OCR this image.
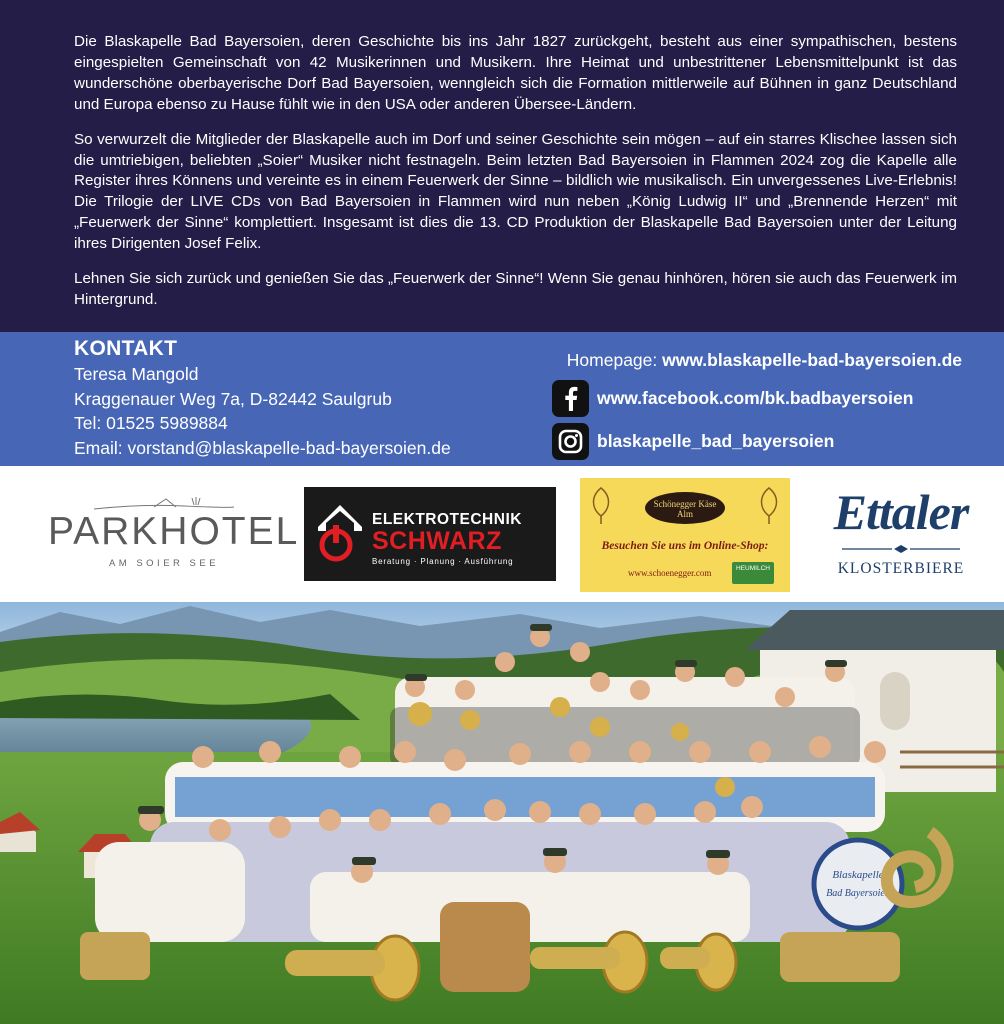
Die Blaskapelle Bad Bayersoien, deren Geschichte bis ins Jahr 1827 zurückgeht, besteht aus einer sympathischen, bestens eingespielten Gemeinschaft von 42 Musikerinnen und Musikern. Ihre Heimat und unbestrittener Lebensmittelpunkt ist das wunderschöne oberbayerische Dorf Bad Bayersoien, wenngleich sich die Formation mittlerweile auf Bühnen in ganz Deutschland und Europa ebenso zu Hause fühlt wie in den USA oder anderen Übersee-Ländern.

So verwurzelt die Mitglieder der Blaskapelle auch im Dorf und seiner Geschichte sein mögen – auf ein starres Klischee lassen sich die umtriebigen, beliebten „Soier“ Musiker nicht festnageln. Beim letzten Bad Bayersoien in Flammen 2024 zog die Kapelle alle Register ihres Könnens und vereinte es in einem Feuerwerk der Sinne – bildlich wie musikalisch. Ein unvergessenes Live-Erlebnis! Die Trilogie der LIVE CDs von Bad Bayersoien in Flammen wird nun neben „König Ludwig II“ und „Brennende Herzen“ mit „Feuerwerk der Sinne“ komplettiert. Insgesamt ist dies die 13. CD Produktion der Blaskapelle Bad Bayersoien unter der Leitung ihres Dirigenten Josef Felix.

Lehnen Sie sich zurück und genießen Sie das „Feuerwerk der Sinne“! Wenn Sie genau hinhören, hören sie auch das Feuerwerk im Hintergrund.

KONTAKT
Teresa Mangold
Kraggenauer Weg 7a, D-82442 Saulgrub
Tel: 01525 5989884
Email: vorstand@blaskapelle-bad-bayersoien.de
Homepage: www.blaskapelle-bad-bayersoien.de
www.facebook.com/bk.badbayersoien
blaskapelle_bad_bayersoien
PARKHOTEL
AM SOIER SEE
ELEKTROTECHNIK
SCHWARZ
Beratung · Planung · Ausführung
Schönegger Käse Alm
Besuchen Sie uns im Online-Shop:
www.schoenegger.com	HEUMILCH
Ettaler
KLOSTERBIERE
Blaskapelle
Bad Bayersoien
